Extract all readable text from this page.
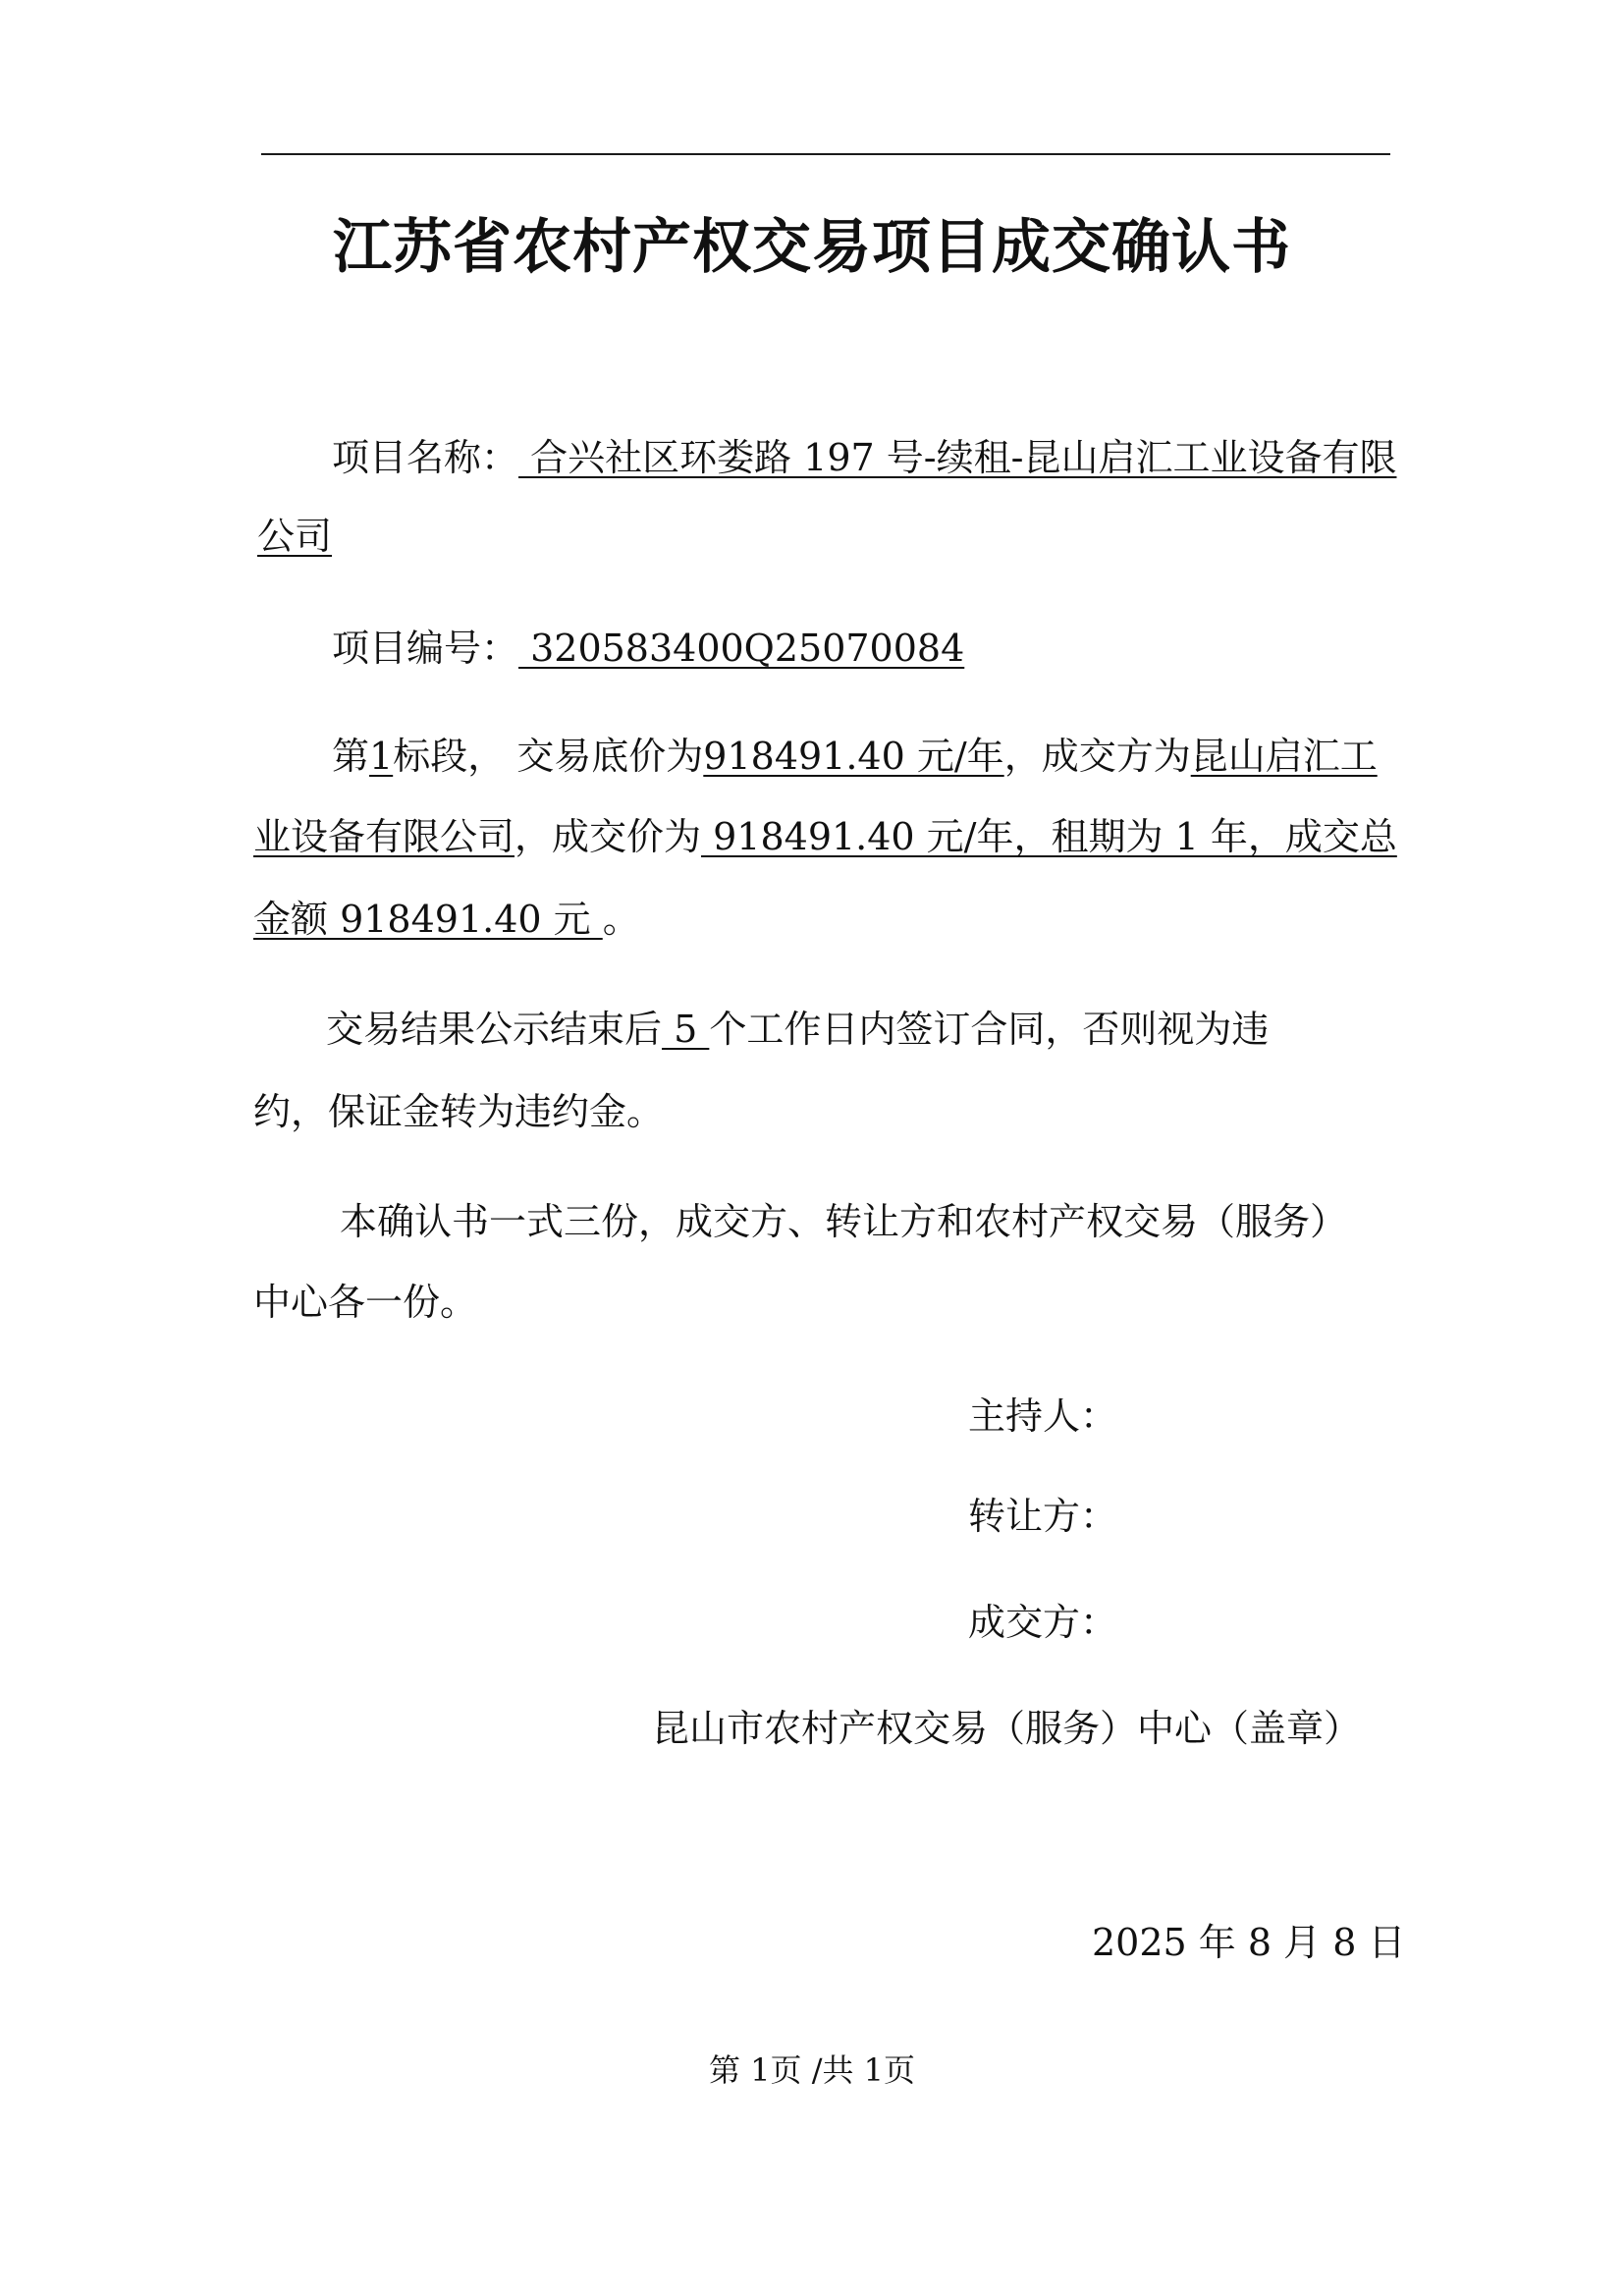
江苏省农村产权交易项目成交确认书
项目名称： 合兴社区环娄路 197 号-续租-昆山启汇工业设备有限
公司
项目编号： 320583400Q25070084
第1标段， 交易底价为918491.40 元/年，成交方为昆山启汇工
业设备有限公司，成交价为 918491.40 元/年，租期为 1 年，成交总
金额 918491.40 元 。
交易结果公示结束后 5 个工作日内签订合同，否则视为违
约，保证金转为违约金。
本确认书一式三份，成交方、转让方和农村产权交易（服务）
中心各一份。
主持人：
转让方：
成交方：
昆山市农村产权交易（服务）中心（盖章）
2025 年 8 月 8 日
第 1页 /共 1页
